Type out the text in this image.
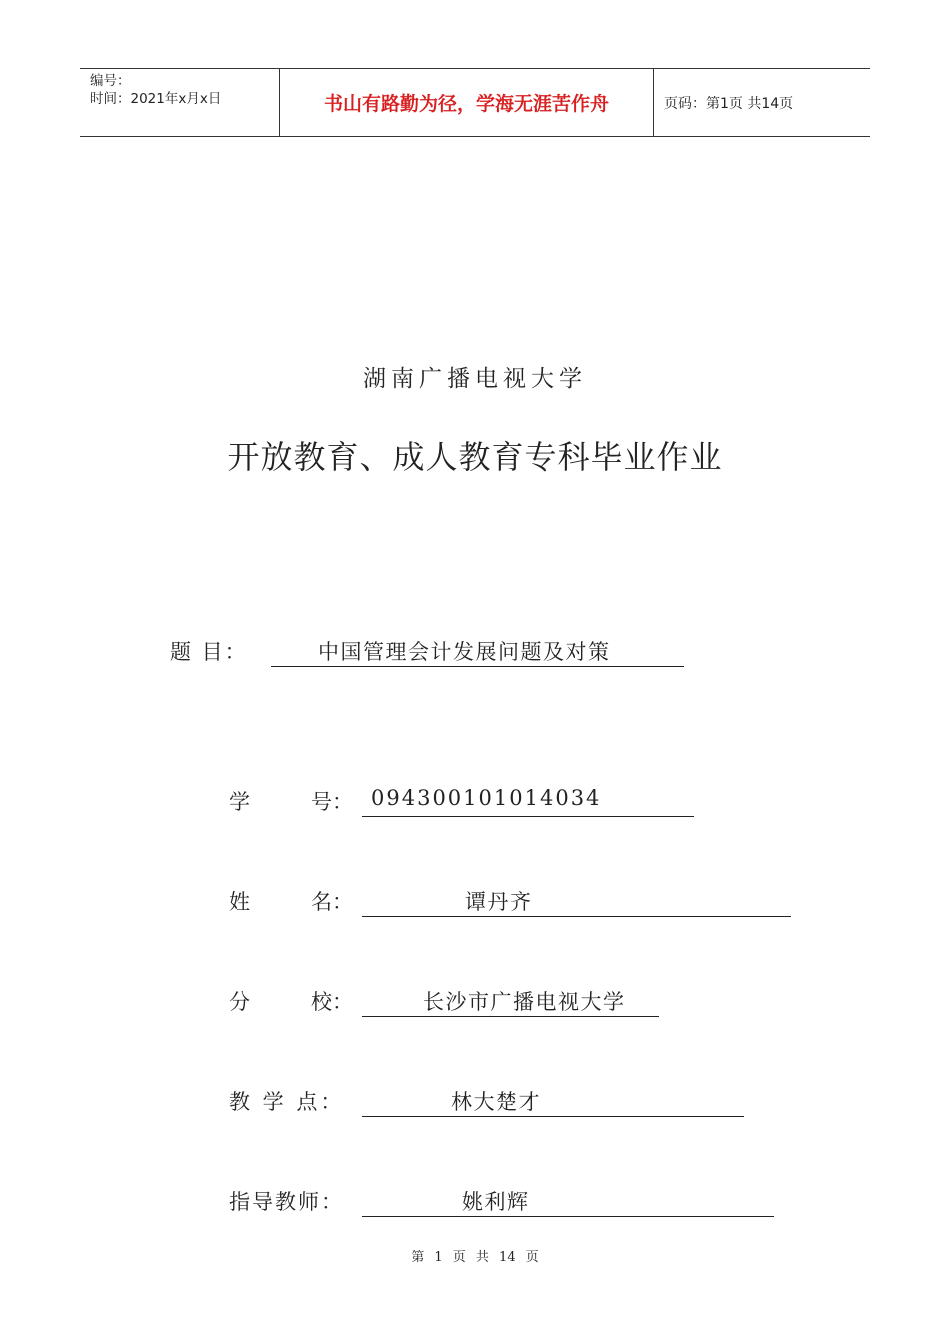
编号：
时间：2021年x月x日	书山有路勤为径，学海无涯苦作舟	页码：第1页 共14页
湖南广播电视大学
开放教育、成人教育专科毕业作业
题 目：	中国管理会计发展问题及对策
学	号： 094300101014034
姓	名：	谭丹齐
分	校：	长沙市广播电视大学
教 学 点：	林大楚才
指导教师：	姚利辉
第 1 页 共 14 页
